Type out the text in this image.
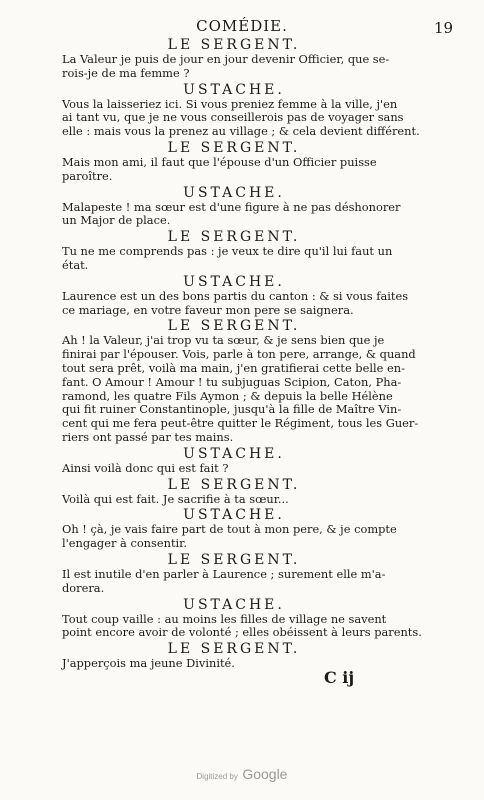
COMÉDIE.	19
LE SERGENT.
La Valeur je puis de jour en jour devenir Officier, que se-
rois-je de ma femme ?
USTACHE.
Vous la laisseriez ici. Si vous preniez femme à la ville, j'en
ai tant vu, que je ne vous conseillerois pas de voyager sans
elle : mais vous la prenez au village ; & cela devient différent.
LE SERGENT.
Mais mon ami, il faut que l'épouse d'un Officier puisse
paroître.
USTACHE.
Malapeste ! ma sœur est d'une figure à ne pas déshonorer
un Major de place.
LE SERGENT.
Tu ne me comprends pas : je veux te dire qu'il lui faut un
état.
USTACHE.
Laurence est un des bons partis du canton : & si vous faites
ce mariage, en votre faveur mon pere se saignera.
LE SERGENT.
Ah ! la Valeur, j'ai trop vu ta sœur, & je sens bien que je
finirai par l'épouser. Vois, parle à ton pere, arrange, & quand
tout sera prêt, voilà ma main, j'en gratifierai cette belle en-
fant. O Amour ! Amour ! tu subjuguas Scipion, Caton, Pha-
ramond, les quatre Fils Aymon ; & depuis la belle Hélène
qui fit ruiner Constantinople, jusqu'à la fille de Maître Vin-
cent qui me fera peut-être quitter le Régiment, tous les Guer-
riers ont passé par tes mains.
USTACHE.
Ainsi voilà donc qui est fait ?
LE SERGENT.
Voilà qui est fait. Je sacrifie à ta sœur...
USTACHE.
Oh ! çà, je vais faire part de tout à mon pere, & je compte
l'engager à consentir.
LE SERGENT.
Il est inutile d'en parler à Laurence ; surement elle m'a-
dorera.
USTACHE.
Tout coup vaille : au moins les filles de village ne savent
point encore avoir de volonté ; elles obéissent à leurs parents.
LE SERGENT.
J'apperçois ma jeune Divinité.
C ij
Digitized by Google
